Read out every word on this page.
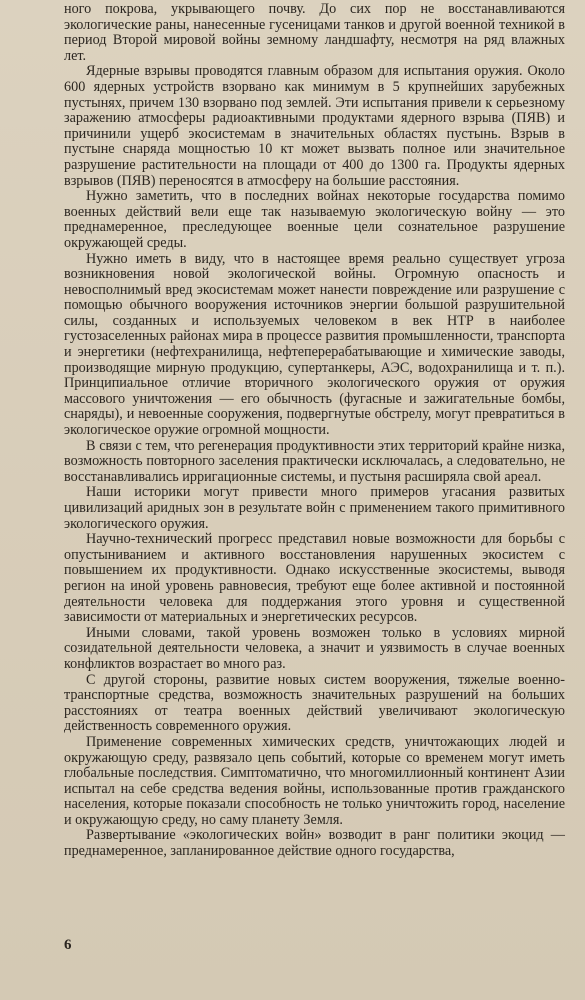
ного покрова, укрывающего почву. До сих пор не восстанавливаются экологические раны, нанесенные гусеницами танков и другой военной техникой в период Второй мировой войны земному ландшафту, несмотря на ряд влажных лет.

Ядерные взрывы проводятся главным образом для испытания оружия. Около 600 ядерных устройств взорвано как минимум в 5 крупнейших зарубежных пустынях, причем 130 взорвано под землей. Эти испытания привели к серьезному заражению атмосферы радиоактивными продуктами ядерного взрыва (ПЯВ) и причинили ущерб экосистемам в значительных областях пустынь. Взрыв в пустыне снаряда мощностью 10 кт может вызвать полное или значительное разрушение растительности на площади от 400 до 1300 га. Продукты ядерных взрывов (ПЯВ) переносятся в атмосферу на большие расстояния.

Нужно заметить, что в последних войнах некоторые государства помимо военных действий вели еще так называемую экологическую войну — это преднамеренное, преследующее военные цели сознательное разрушение окружающей среды.

Нужно иметь в виду, что в настоящее время реально существует угроза возникновения новой экологической войны. Огромную опасность и невосполнимый вред экосистемам может нанести повреждение или разрушение с помощью обычного вооружения источников энергии большой разрушительной силы, созданных и используемых человеком в век НТР в наиболее густозаселенных районах мира в процессе развития промышленности, транспорта и энергетики (нефтехранилища, нефтеперерабатывающие и химические заводы, производящие мирную продукцию, супертанкеры, АЭС, водохранилища и т. п.). Принципиальное отличие вторичного экологического оружия от оружия массового уничтожения — его обычность (фугасные и зажигательные бомбы, снаряды), и невоенные сооружения, подвергнутые обстрелу, могут превратиться в экологическое оружие огромной мощности.

В связи с тем, что регенерация продуктивности этих территорий крайне низка, возможность повторного заселения практически исключалась, а следовательно, не восстанавливались ирригационные системы, и пустыня расширяла свой ареал.

Наши историки могут привести много примеров угасания развитых цивилизаций аридных зон в результате войн с применением такого примитивного экологического оружия.

Научно-технический прогресс представил новые возможности для борьбы с опустыниванием и активного восстановления нарушенных экосистем с повышением их продуктивности. Однако искусственные экосистемы, выводя регион на иной уровень равновесия, требуют еще более активной и постоянной деятельности человека для поддержания этого уровня и существенной зависимости от материальных и энергетических ресурсов.

Иными словами, такой уровень возможен только в условиях мирной созидательной деятельности человека, а значит и уязвимость в случае военных конфликтов возрастает во много раз.

С другой стороны, развитие новых систем вооружения, тяжелые военно-транспортные средства, возможность значительных разрушений на больших расстояниях от театра военных действий увеличивают экологическую действенность современного оружия.

Применение современных химических средств, уничтожающих людей и окружающую среду, развязало цепь событий, которые со временем могут иметь глобальные последствия. Симптоматично, что многомиллионный континент Азии испытал на себе средства ведения войны, использованные против гражданского населения, которые показали способность не только уничтожить город, население и окружающую среду, но саму планету Земля.

Развертывание «экологических войн» возводит в ранг политики экоцид — преднамеренное, запланированное действие одного государства,

6
